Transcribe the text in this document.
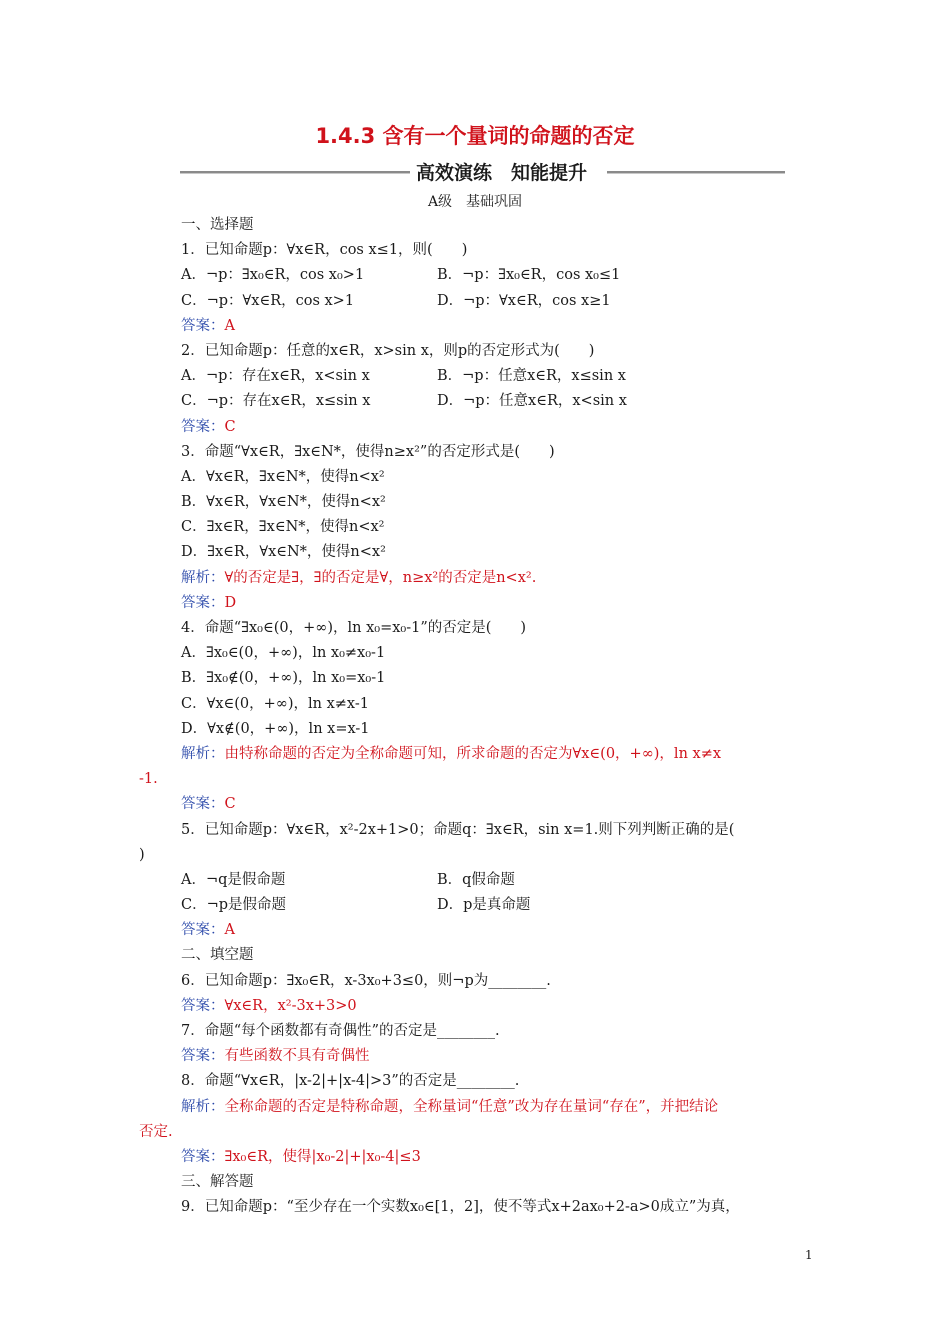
1.4.3 含有一个量词的命题的否定
高效演练　知能提升
A级　基础巩固
一、选择题
1．已知命题p：∀x∈R，cos x≤1，则(　　)
A．¬p：∃x₀∈R，cos x₀>1	B．¬p：∃x₀∈R，cos x₀≤1
C．¬p：∀x∈R，cos x>1	D．¬p：∀x∈R，cos x≥1
答案：A
2．已知命题p：任意的x∈R，x>sin x，则p的否定形式为(　　)
A．¬p：存在x∈R，x<sin x	B．¬p：任意x∈R，x≤sin x
C．¬p：存在x∈R，x≤sin x	D．¬p：任意x∈R，x<sin x
答案：C
3．命题“∀x∈R，∃x∈N*，使得n≥x²”的否定形式是(　　)
A．∀x∈R，∃x∈N*，使得n<x²
B．∀x∈R，∀x∈N*，使得n<x²
C．∃x∈R，∃x∈N*，使得n<x²
D．∃x∈R，∀x∈N*，使得n<x²
解析：∀的否定是∃，∃的否定是∀，n≥x²的否定是n<x².
答案：D
4．命题“∃x₀∈(0，+∞)，ln x₀=x₀-1”的否定是(　　)
A．∃x₀∈(0，+∞)，ln x₀≠x₀-1
B．∃x₀∉(0，+∞)，ln x₀=x₀-1
C．∀x∈(0，+∞)，ln x≠x-1
D．∀x∉(0，+∞)，ln x=x-1
解析：由特称命题的否定为全称命题可知，所求命题的否定为∀x∈(0，+∞)，ln x≠x
-1.
答案：C
5．已知命题p：∀x∈R，x²-2x+1>0；命题q：∃x∈R，sin x=1.则下列判断正确的是(
)
A．¬q是假命题	B．q假命题
C．¬p是假命题	D．p是真命题
答案：A
二、填空题
6．已知命题p：∃x₀∈R，x-3x₀+3≤0，则¬p为________.
答案：∀x∈R，x²-3x+3>0
7．命题“每个函数都有奇偶性”的否定是________.
答案：有些函数不具有奇偶性
8．命题“∀x∈R，|x-2|+|x-4|>3”的否定是________.
解析：全称命题的否定是特称命题，全称量词“任意”改为存在量词“存在”，并把结论
否定.
答案：∃x₀∈R，使得|x₀-2|+|x₀-4|≤3
三、解答题
9．已知命题p：“至少存在一个实数x₀∈[1，2]，使不等式x+2ax₀+2-a>0成立”为真，
1
